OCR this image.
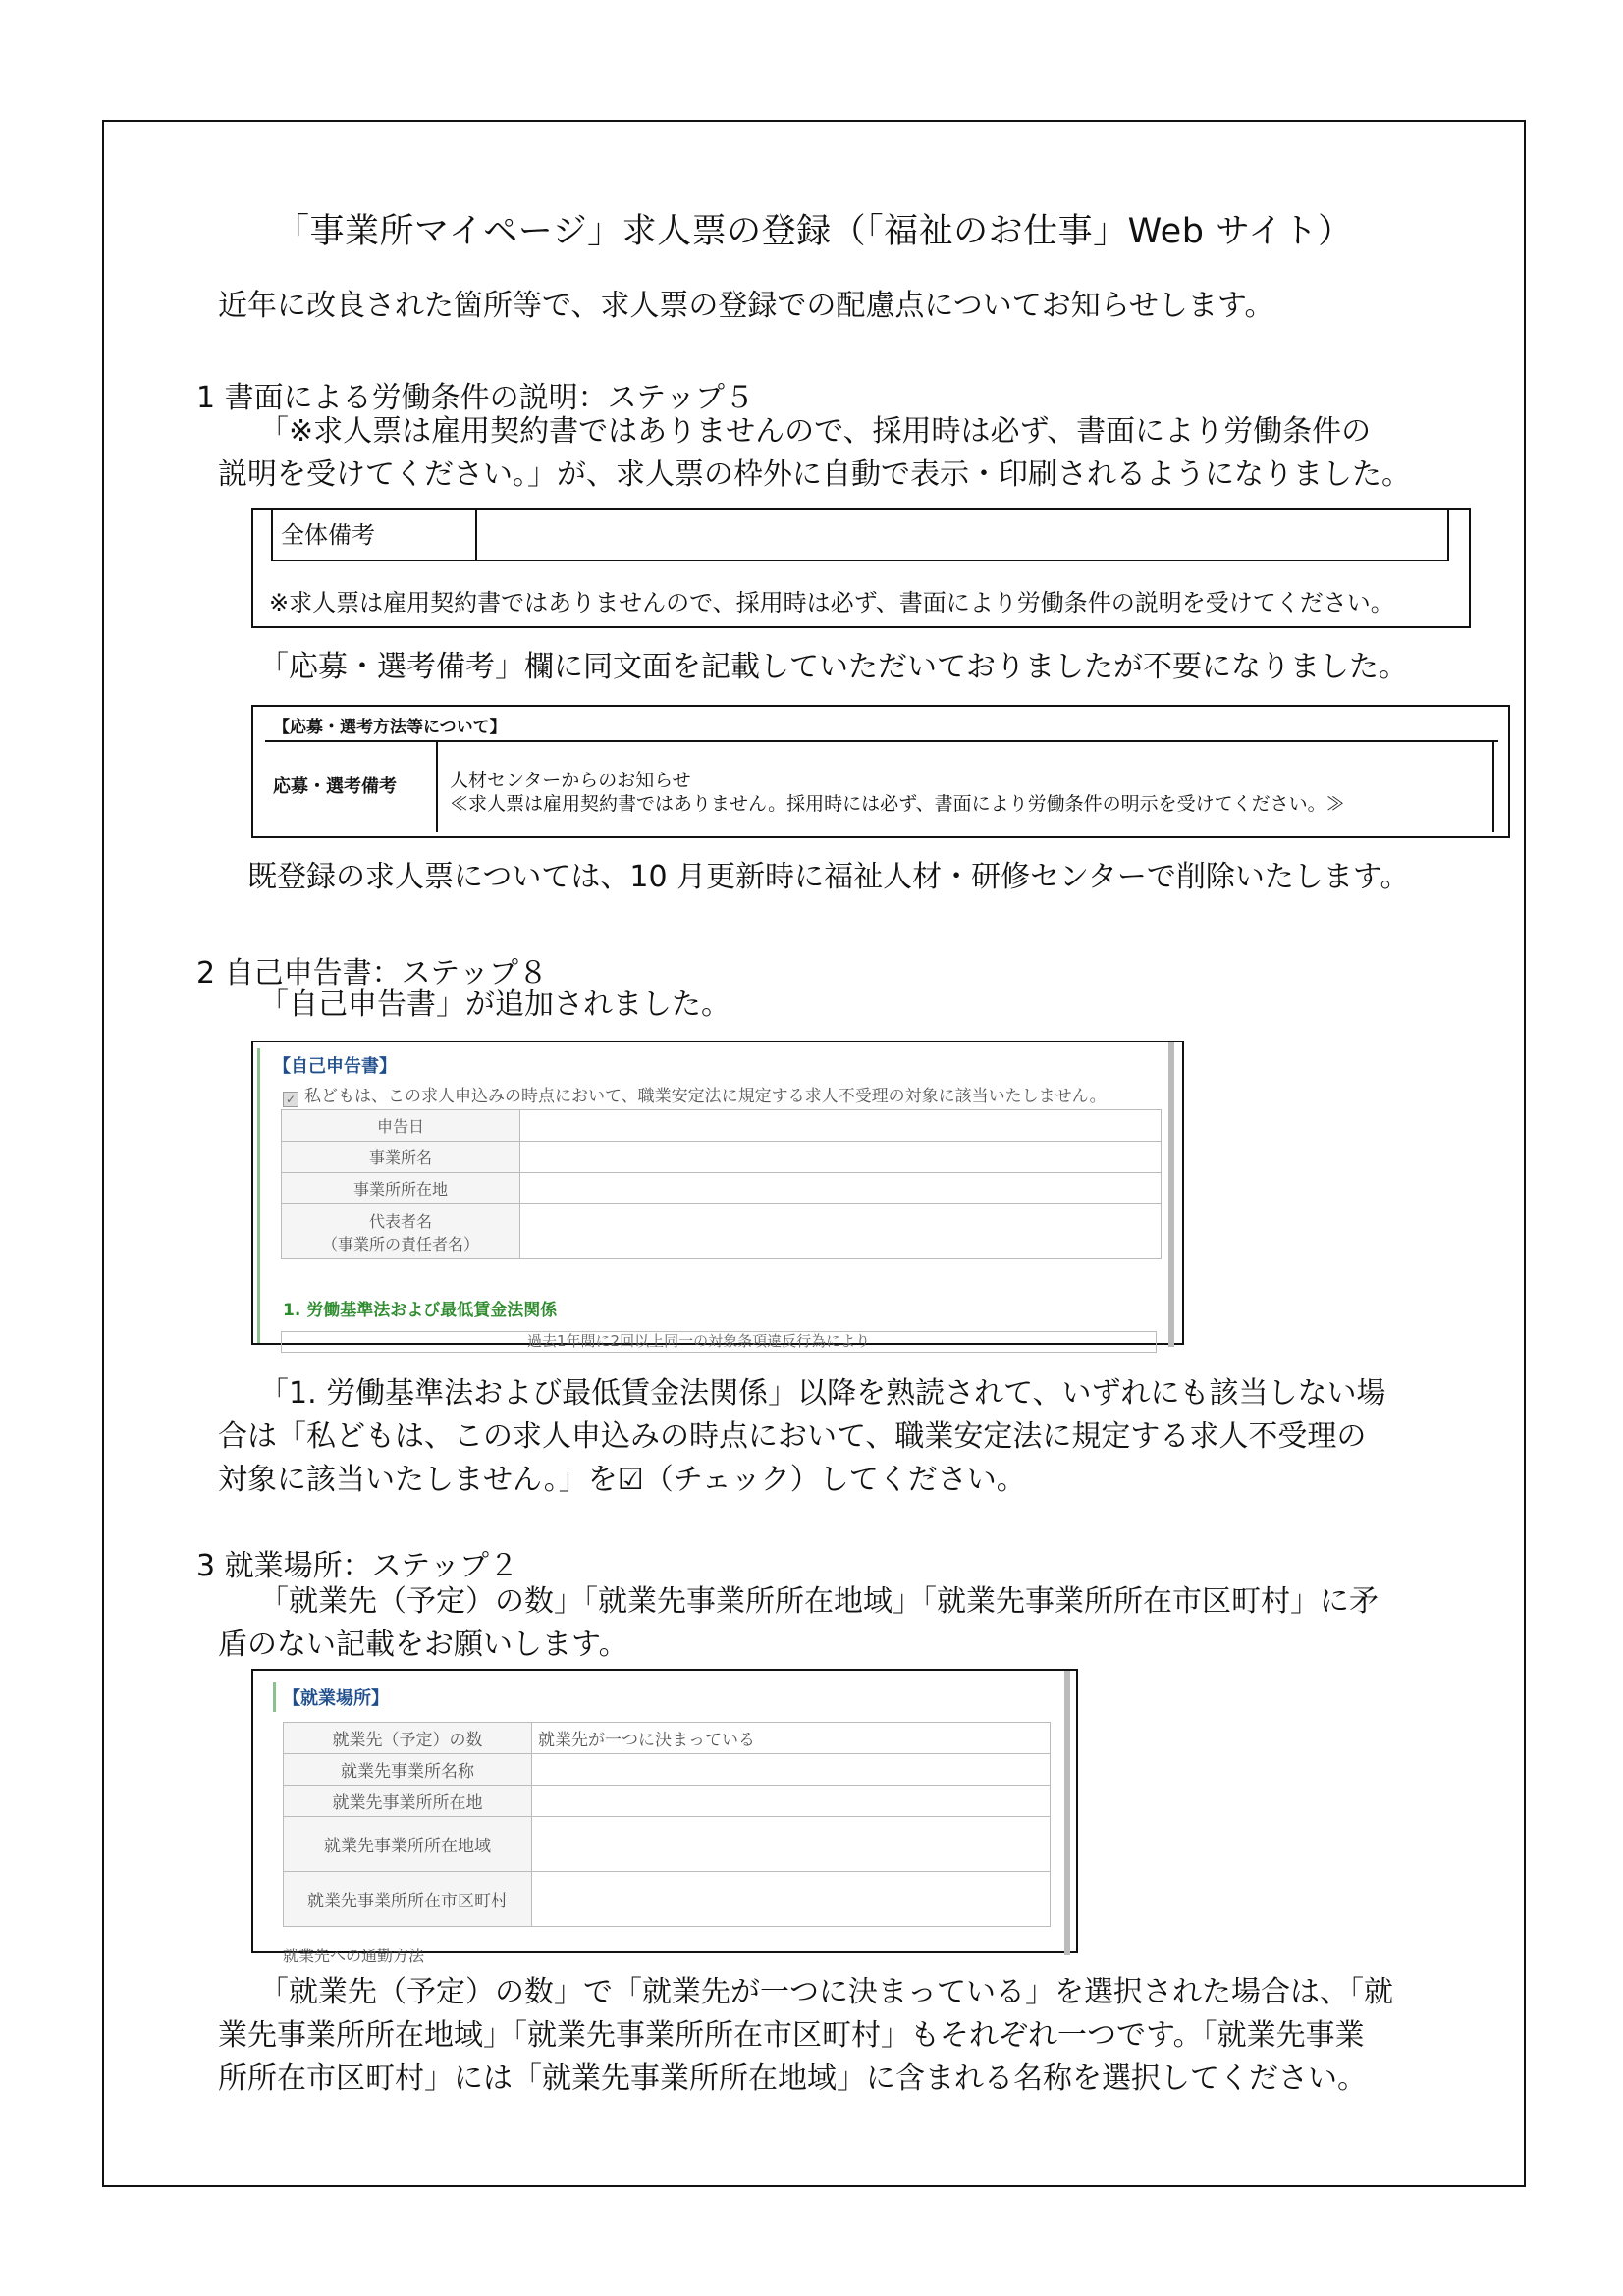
「事業所マイページ」求人票の登録（「福祉のお仕事」Web サイト）
近年に改良された箇所等で、求人票の登録での配慮点についてお知らせします。
1 書面による労働条件の説明：ステップ５
「※求人票は雇用契約書ではありませんので、採用時は必ず、書面により労働条件の
説明を受けてください。」が、求人票の枠外に自動で表示・印刷されるようになりました。
全体備考
※求人票は雇用契約書ではありませんので、採用時は必ず、書面により労働条件の説明を受けてください。
「応募・選考備考」欄に同文面を記載していただいておりましたが不要になりました。
【応募・選考方法等について】
応募・選考備考	人材センターからのお知らせ
≪求人票は雇用契約書ではありません。採用時には必ず、書面により労働条件の明示を受けてください。≫
既登録の求人票については、10 月更新時に福祉人材・研修センターで削除いたします。
2 自己申告書：ステップ８
「自己申告書」が追加されました。
【自己申告書】
✓ 私どもは、この求人申込みの時点において、職業安定法に規定する求人不受理の対象に該当いたしません。
申告日	
事業所名	
事業所所在地	

代表者名
（事業所の責任者名）	

1. 労働基準法および最低賃金法関係
過去1年間に2回以上同一の対象条項違反行為により
「1. 労働基準法および最低賃金法関係」以降を熟読されて、いずれにも該当しない場
合は「私どもは、この求人申込みの時点において、職業安定法に規定する求人不受理の
対象に該当いたしません。」を☑（チェック）してください。
3 就業場所：ステップ２
「就業先（予定）の数」「就業先事業所所在地域」「就業先事業所所在市区町村」に矛
盾のない記載をお願いします。
【就業場所】
就業先（予定）の数	就業先が一つに決まっている
就業先事業所名称	
就業先事業所所在地	
就業先事業所所在地域	
就業先事業所所在市区町村	
就業先への通勤方法
「就業先（予定）の数」で「就業先が一つに決まっている」を選択された場合は、「就
業先事業所所在地域」「就業先事業所所在市区町村」もそれぞれ一つです。「就業先事業
所所在市区町村」には「就業先事業所所在地域」に含まれる名称を選択してください。
